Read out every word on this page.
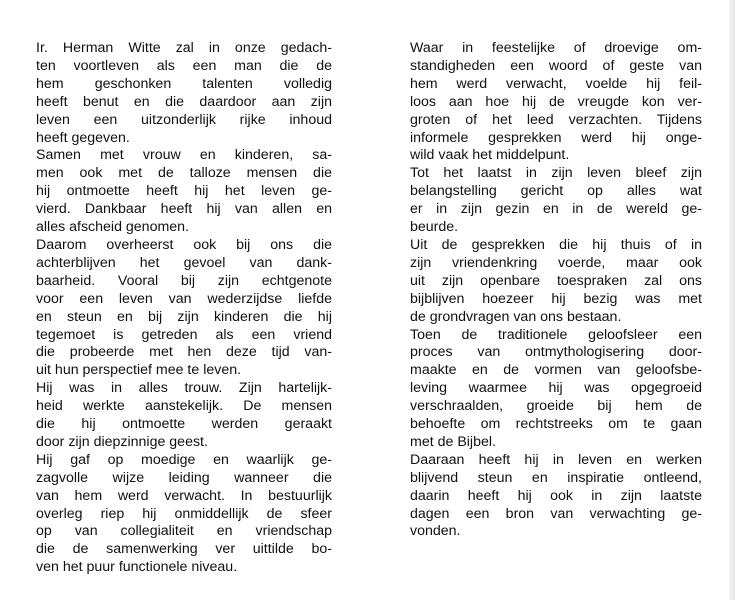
Ir. Herman Witte zal in onze gedach-
ten voortleven als een man die de
hem geschonken talenten volledig
heeft benut en die daardoor aan zijn
leven een uitzonderlijk rijke inhoud
heeft gegeven.

Samen met vrouw en kinderen, sa-
men ook met de talloze mensen die
hij ontmoette heeft hij het leven ge-
vierd. Dankbaar heeft hij van allen en
alles afscheid genomen.

Daarom overheerst ook bij ons die
achterblijven het gevoel van dank-
baarheid. Vooral bij zijn echtgenote
voor een leven van wederzijdse liefde
en steun en bij zijn kinderen die hij
tegemoet is getreden als een vriend
die probeerde met hen deze tijd van-
uit hun perspectief mee te leven.

Hij was in alles trouw. Zijn hartelijk-
heid werkte aanstekelijk. De mensen
die hij ontmoette werden geraakt
door zijn diepzinnige geest.

Hij gaf op moedige en waarlijk ge-
zagvolle wijze leiding wanneer die
van hem werd verwacht. In bestuurlijk
overleg riep hij onmiddellijk de sfeer
op van collegialiteit en vriendschap
die de samenwerking ver uittilde bo-
ven het puur functionele niveau.

Waar in feestelijke of droevige om-
standigheden een woord of geste van
hem werd verwacht, voelde hij feil-
loos aan hoe hij de vreugde kon ver-
groten of het leed verzachten. Tijdens
informele gesprekken werd hij onge-
wild vaak het middelpunt.

Tot het laatst in zijn leven bleef zijn
belangstelling gericht op alles wat
er in zijn gezin en in de wereld ge-
beurde.

Uit de gesprekken die hij thuis of in
zijn vriendenkring voerde, maar ook
uit zijn openbare toespraken zal ons
bijblijven hoezeer hij bezig was met
de grondvragen van ons bestaan.

Toen de traditionele geloofsleer een
proces van ontmythologisering door-
maakte en de vormen van geloofsbe-
leving waarmee hij was opgegroeid
verschraalden, groeide bij hem de
behoefte om rechtstreeks om te gaan
met de Bijbel.

Daaraan heeft hij in leven en werken
blijvend steun en inspiratie ontleend,
daarin heeft hij ook in zijn laatste
dagen een bron van verwachting ge-
vonden.
